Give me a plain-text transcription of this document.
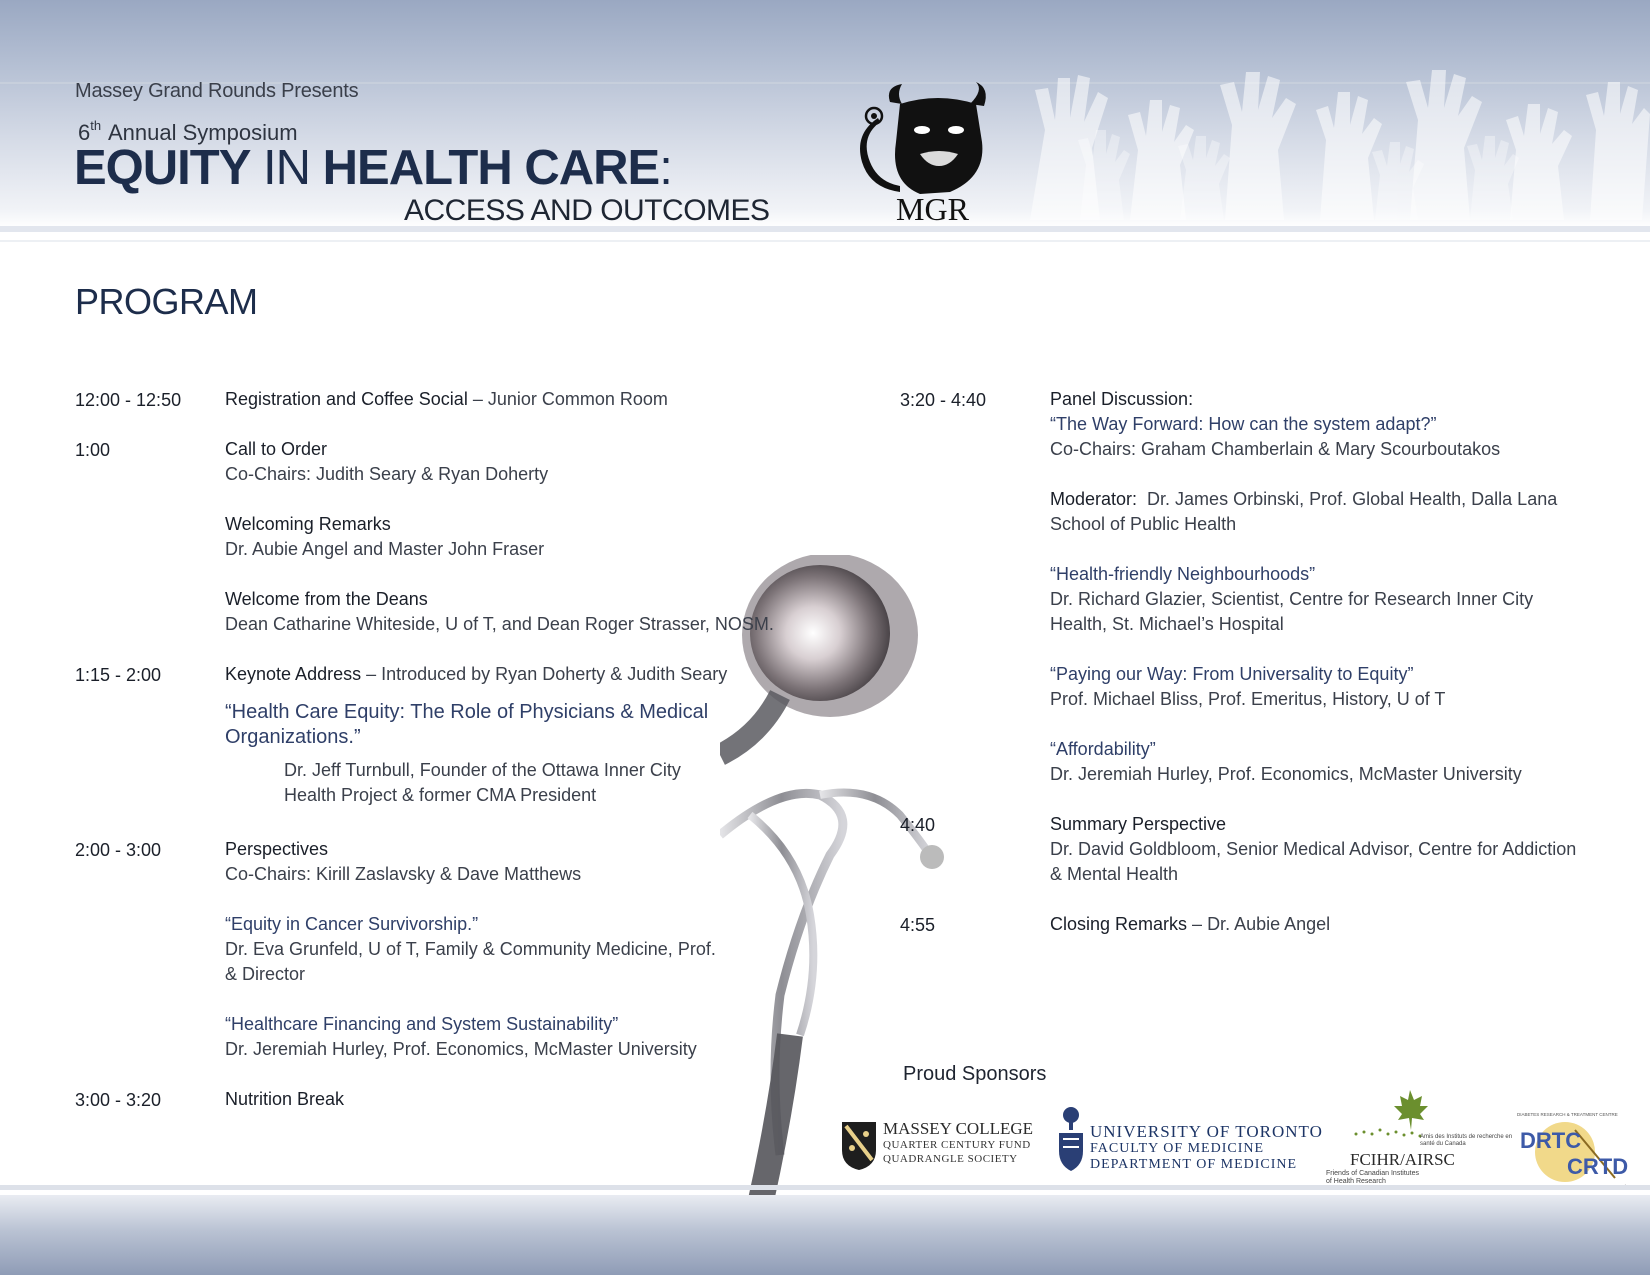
MGR
Massey Grand Rounds Presents
6th Annual Symposium
EQUITY IN HEALTH CARE:
ACCESS AND OUTCOMES
PROGRAM
12:00 - 12:50 Registration and Coffee Social – Junior Common Room
1:00	Call to Order
Co-Chairs: Judith Seary & Ryan Doherty
Welcoming Remarks
Dr. Aubie Angel and Master John Fraser
Welcome from the Deans
Dean Catharine Whiteside, U of T, and Dean Roger Strasser, NOSM.
1:15 - 2:00	Keynote Address – Introduced by Ryan Doherty & Judith Seary
“Health Care Equity: The Role of Physicians & Medical Organizations.”
Dr. Jeff Turnbull, Founder of the Ottawa Inner City Health Project & former CMA President
2:00 - 3:00	Perspectives
Co-Chairs: Kirill Zaslavsky & Dave Matthews
“Equity in Cancer Survivorship.”
Dr. Eva Grunfeld, U of T, Family & Community Medicine, Prof. & Director
“Healthcare Financing and System Sustainability”
Dr. Jeremiah Hurley, Prof. Economics, McMaster University
3:00 - 3:20	Nutrition Break
3:20 - 4:40	Panel Discussion:
“The Way Forward: How can the system adapt?”
Co-Chairs: Graham Chamberlain & Mary Scourboutakos
Moderator:  Dr. James Orbinski, Prof. Global Health, Dalla Lana School of Public Health
“Health-friendly Neighbourhoods”
Dr. Richard Glazier, Scientist, Centre for Research Inner City Health, St. Michael’s Hospital
“Paying our Way: From Universality to Equity”
Prof. Michael Bliss, Prof. Emeritus, History, U of T
“Affordability”
Dr. Jeremiah Hurley, Prof. Economics, McMaster University
4:40	Summary Perspective
Dr. David Goldbloom, Senior Medical Advisor, Centre for Addiction & Mental Health
4:55	Closing Remarks – Dr. Aubie Angel
Proud Sponsors
MASSEY COLLEGE
QUARTER CENTURY FUND
QUADRANGLE SOCIETY
UNIVERSITY OF TORONTO
FACULTY OF MEDICINE
DEPARTMENT OF MEDICINE	FCIHR/AIRSC
Friends of Canadian Institutes of Health Research
Amis des Instituts de recherche en santé du Canada
DIABETES RESEARCH & TREATMENT CENTRE
DRTC
CRTD
